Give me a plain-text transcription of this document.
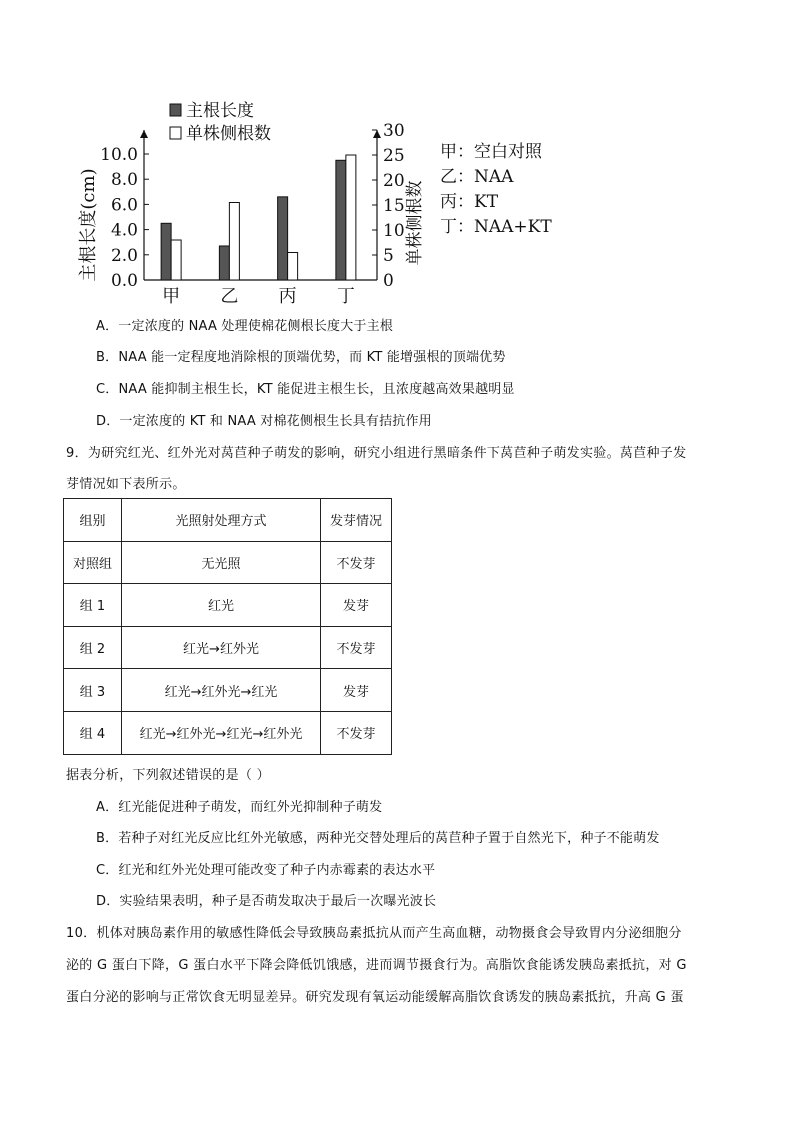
0.0
2.0
4.0
6.0
8.0
10.0
0
5
10
15
20
25
30
主根长度(cm)	单株侧根数
甲 乙 丙 丁
主根长度
单株侧根数
甲：空白对照
乙：NAA
丙：KT
丁：NAA+KT
A．一定浓度的 NAA 处理使棉花侧根长度大于主根
B．NAA 能一定程度地消除根的顶端优势，而 KT 能增强根的顶端优势
C．NAA 能抑制主根生长，KT 能促进主根生长，且浓度越高效果越明显
D．一定浓度的 KT 和 NAA 对棉花侧根生长具有拮抗作用
9．为研究红光、红外光对莴苣种子萌发的影响，研究小组进行黑暗条件下莴苣种子萌发实验。莴苣种子发
芽情况如下表所示。
组别	光照射处理方式	发芽情况
对照组	无光照	不发芽
组 1	红光	发芽
组 2	红光→红外光	不发芽
组 3	红光→红外光→红光	发芽
组 4	红光→红外光→红光→红外光	不发芽
据表分析，下列叙述错误的是（ ）
A．红光能促进种子萌发，而红外光抑制种子萌发
B．若种子对红光反应比红外光敏感，两种光交替处理后的莴苣种子置于自然光下，种子不能萌发
C．红光和红外光处理可能改变了种子内赤霉素的表达水平
D．实验结果表明，种子是否萌发取决于最后一次曝光波长
10．机体对胰岛素作用的敏感性降低会导致胰岛素抵抗从而产生高血糖，动物摄食会导致胃内分泌细胞分
泌的 G 蛋白下降，G 蛋白水平下降会降低饥饿感，进而调节摄食行为。高脂饮食能诱发胰岛素抵抗，对 G
蛋白分泌的影响与正常饮食无明显差异。研究发现有氧运动能缓解高脂饮食诱发的胰岛素抵抗，升高 G 蛋
